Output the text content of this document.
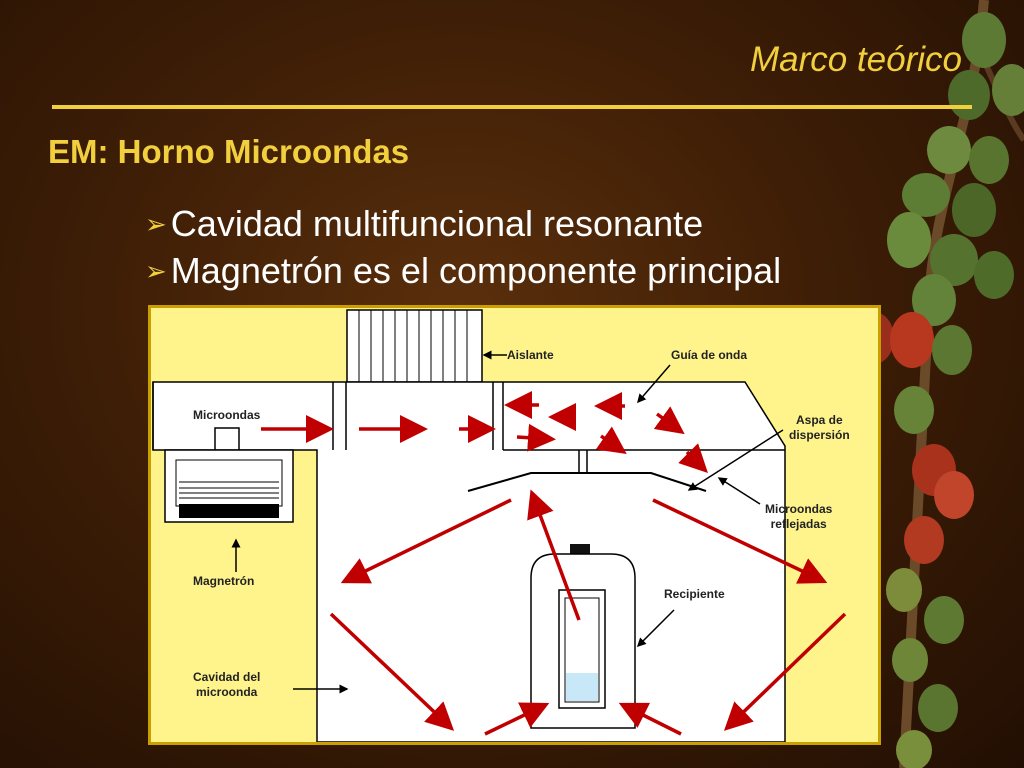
Marco teórico
EM: Horno Microondas
➢ Cavidad multifuncional resonante
➢ Magnetrón es el componente principal
Aislante	Guía de onda
Microondas	Aspa de
dispersión
Microondas
reflejadas
Magnetrón
Recipiente
Cavidad del
microonda
